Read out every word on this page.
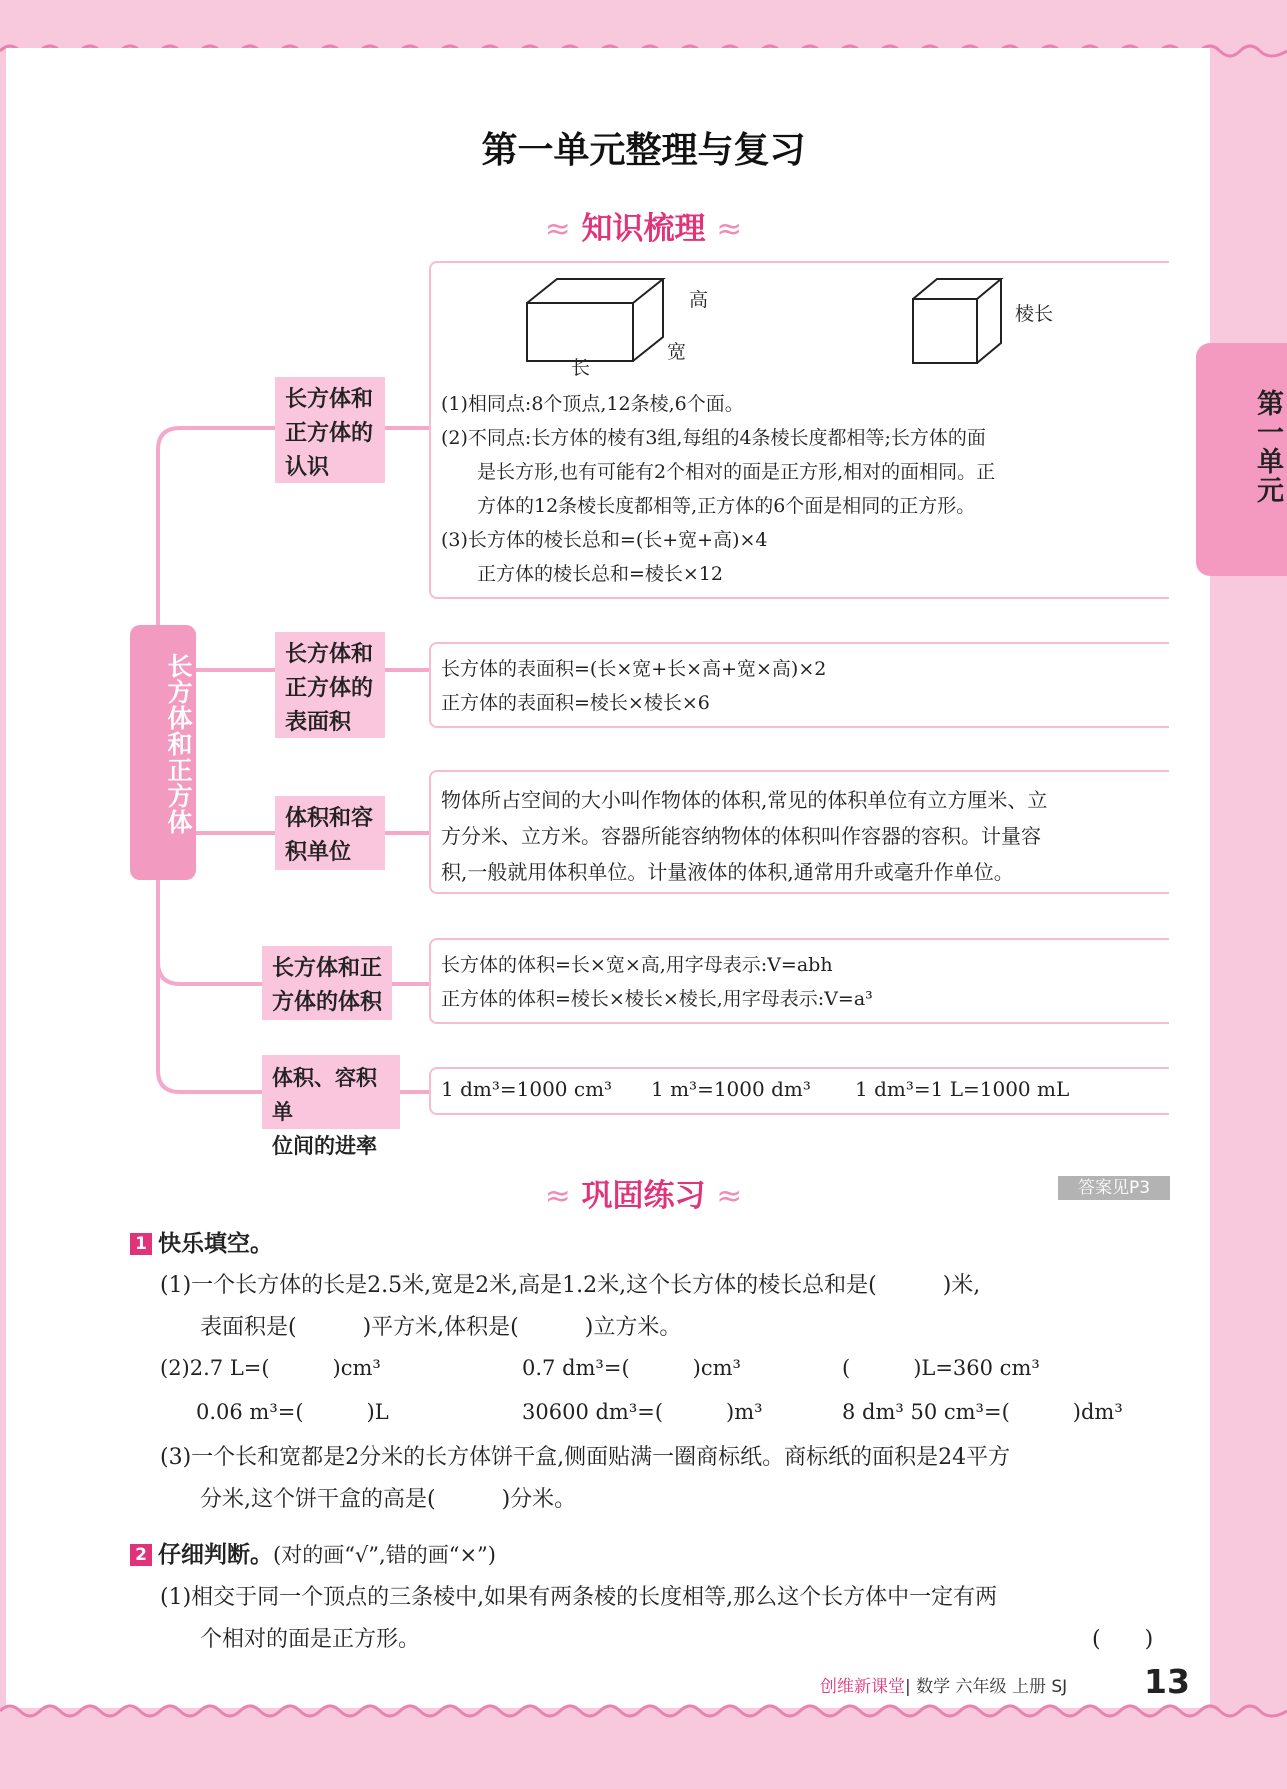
第一单元
第一单元整理与复习
≈ 知识梳理 ≈
长方体和正方体
长方体和
正方体的
认识
长方体和
正方体的
表面积
体积和容
积单位
长方体和正
方体的体积
体积、容积单
位间的进率
高
宽
长
棱长

(1)相同点:8个顶点,12条棱,6个面。

(2)不同点:长方体的棱有3组,每组的4条棱长度都相等;长方体的面

是长方形,也有可能有2个相对的面是正方形,相对的面相同。正

方体的12条棱长度都相等,正方体的6个面是相同的正方形。

(3)长方体的棱长总和=(长+宽+高)×4

正方体的棱长总和=棱长×12

长方体的表面积=(长×宽+长×高+宽×高)×2

正方体的表面积=棱长×棱长×6

物体所占空间的大小叫作物体的体积,常见的体积单位有立方厘米、立

方分米、立方米。容器所能容纳物体的体积叫作容器的容积。计量容

积,一般就用体积单位。计量液体的体积,通常用升或毫升作单位。

长方体的体积=长×宽×高,用字母表示:V=abh

正方体的体积=棱长×棱长×棱长,用字母表示:V=a³

1 dm³=1000 cm³ 1 m³=1000 dm³ 1 dm³=1 L=1000 mL
≈ 巩固练习 ≈	答案见P3
1 快乐填空。
(1)一个长方体的长是2.5米,宽是2米,高是1.2米,这个长方体的棱长总和是(　　　)米,
表面积是(　　　)平方米,体积是(　　　)立方米。
(2)2.7 L=(　　　)cm³	0.7 dm³=(　　　)cm³	(　　　)L=360 cm³
0.06 m³=(　　　)L	30600 dm³=(　　　)m³	8 dm³ 50 cm³=(　　　)dm³
(3)一个长和宽都是2分米的长方体饼干盒,侧面贴满一圈商标纸。商标纸的面积是24平方
分米,这个饼干盒的高是(　　　)分米。
2 仔细判断。(对的画“√”,错的画“×”)
(1)相交于同一个顶点的三条棱中,如果有两条棱的长度相等,那么这个长方体中一定有两
个相对的面是正方形。	(　　)
创维新课堂| 数学 六年级 上册 SJ 13
